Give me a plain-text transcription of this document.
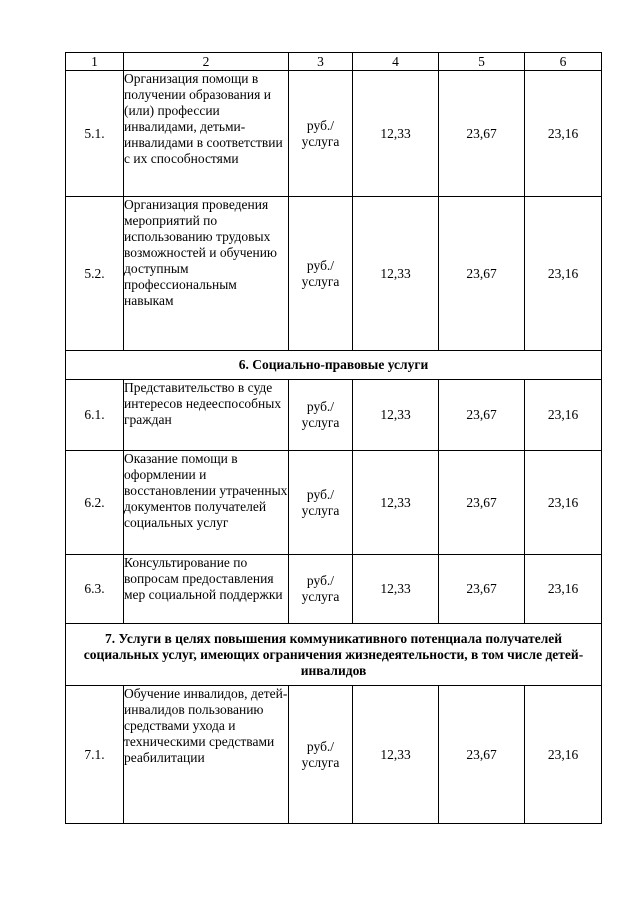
1	2	3	4	5	6
5.1.	Организация помощи в получении образования и (или) профессии инвалидами, детьми-инвалидами в соответствии с их способностями	руб./ услуга	12,33	23,67	23,16
5.2.	Организация проведения мероприятий по использованию трудовых возможностей и обучению доступным профессиональным навыкам	руб./ услуга	12,33	23,67	23,16
6. Социально-правовые услуги					
6.1.	Представительство в суде интересов недееспособных граждан	руб./ услуга	12,33	23,67	23,16
6.2.	Оказание помощи в оформлении и восстановлении утраченных документов получателей социальных услуг	руб./ услуга	12,33	23,67	23,16
6.3.	Консультирование по вопросам предоставления мер социальной поддержки	руб./ услуга	12,33	23,67	23,16
7. Услуги в целях повышения коммуникативного потенциала получателей социальных услуг, имеющих ограничения жизнедеятельности, в том числе детей-инвалидов					
7.1.	Обучение инвалидов, детей-инвалидов пользованию средствами ухода и техническими средствами реабилитации	руб./ услуга	12,33	23,67	23,16
